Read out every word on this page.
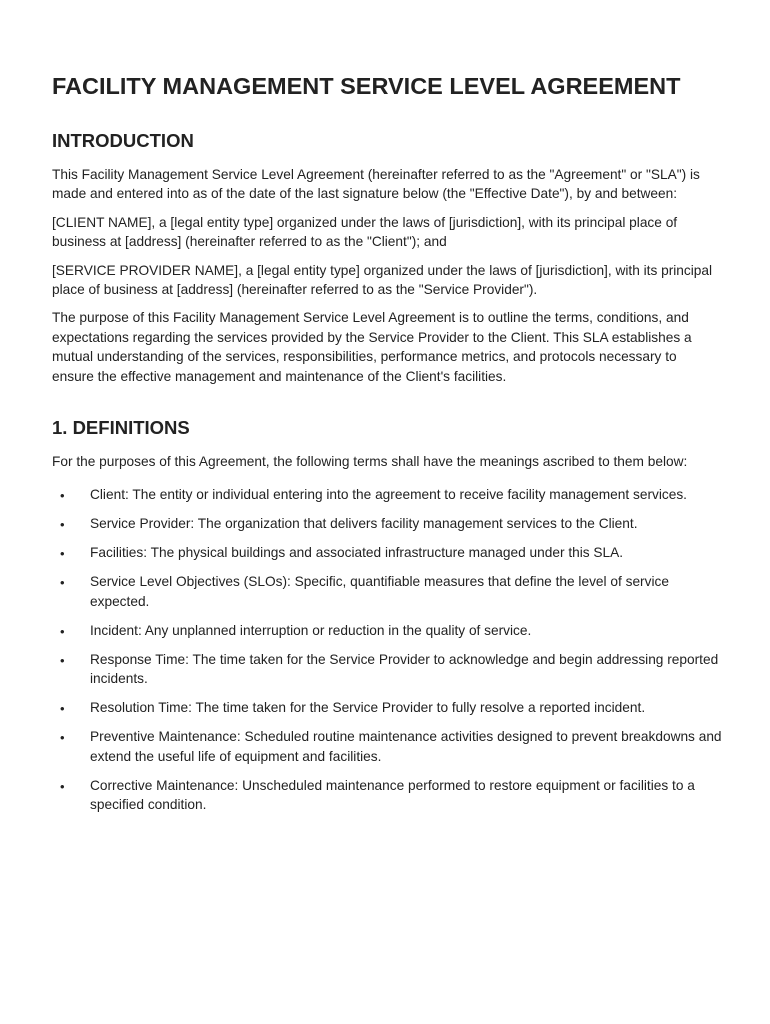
FACILITY MANAGEMENT SERVICE LEVEL AGREEMENT
INTRODUCTION

This Facility Management Service Level Agreement (hereinafter referred to as the "Agreement" or "SLA") is made and entered into as of the date of the last signature below (the "Effective Date"), by and between:

[CLIENT NAME], a [legal entity type] organized under the laws of [jurisdiction], with its principal place of business at [address] (hereinafter referred to as the "Client"); and

[SERVICE PROVIDER NAME], a [legal entity type] organized under the laws of [jurisdiction], with its principal place of business at [address] (hereinafter referred to as the "Service Provider").

The purpose of this Facility Management Service Level Agreement is to outline the terms, conditions, and expectations regarding the services provided by the Service Provider to the Client. This SLA establishes a mutual understanding of the services, responsibilities, performance metrics, and protocols necessary to ensure the effective management and maintenance of the Client's facilities.

1. DEFINITIONS

For the purposes of this Agreement, the following terms shall have the meanings ascribed to them below:

• Client: The entity or individual entering into the agreement to receive facility management services.
• Service Provider: The organization that delivers facility management services to the Client.
• Facilities: The physical buildings and associated infrastructure managed under this SLA.
• Service Level Objectives (SLOs): Specific, quantifiable measures that define the level of service expected.
• Incident: Any unplanned interruption or reduction in the quality of service.
• Response Time: The time taken for the Service Provider to acknowledge and begin addressing reported incidents.
• Resolution Time: The time taken for the Service Provider to fully resolve a reported incident.
• Preventive Maintenance: Scheduled routine maintenance activities designed to prevent breakdowns and extend the useful life of equipment and facilities.
• Corrective Maintenance: Unscheduled maintenance performed to restore equipment or facilities to a specified condition.
